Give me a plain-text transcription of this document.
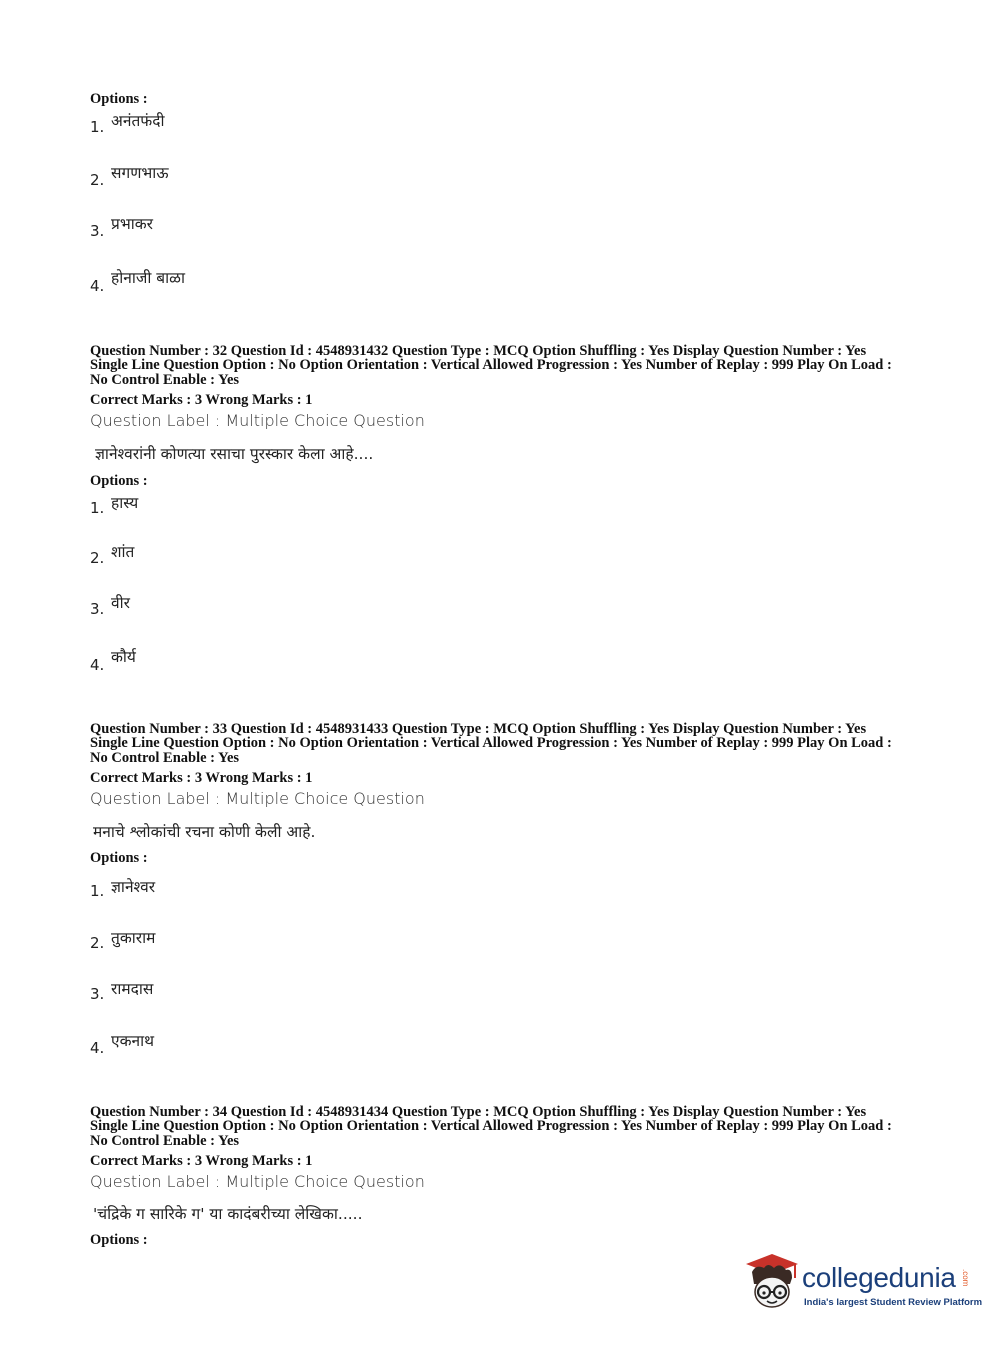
Options :
1. अनंतफंदी
2. सगणभाऊ
3. प्रभाकर
4. होनाजी बाळा
Question Number : 32 Question Id : 4548931432 Question Type : MCQ Option Shuffling : Yes Display Question Number : Yes
Single Line Question Option : No Option Orientation : Vertical Allowed Progression : Yes Number of Replay : 999 Play On Load :
No Control Enable : Yes
Correct Marks : 3 Wrong Marks : 1
Question Label : Multiple Choice Question
ज्ञानेश्वरांनी कोणत्या रसाचा पुरस्कार केला आहे....
Options :
1. हास्य
2. शांत
3. वीर
4. कौर्य
Question Number : 33 Question Id : 4548931433 Question Type : MCQ Option Shuffling : Yes Display Question Number : Yes
Single Line Question Option : No Option Orientation : Vertical Allowed Progression : Yes Number of Replay : 999 Play On Load :
No Control Enable : Yes
Correct Marks : 3 Wrong Marks : 1
Question Label : Multiple Choice Question
मनाचे श्लोकांची रचना कोणी केली आहे.
Options :
1. ज्ञानेश्वर
2. तुकाराम
3. रामदास
4. एकनाथ
Question Number : 34 Question Id : 4548931434 Question Type : MCQ Option Shuffling : Yes Display Question Number : Yes
Single Line Question Option : No Option Orientation : Vertical Allowed Progression : Yes Number of Replay : 999 Play On Load :
No Control Enable : Yes
Correct Marks : 3 Wrong Marks : 1
Question Label : Multiple Choice Question
'चंद्रिके ग सारिके ग' या कादंबरीच्या लेखिका.....
Options :
collegedunia .com
India's largest Student Review Platform
